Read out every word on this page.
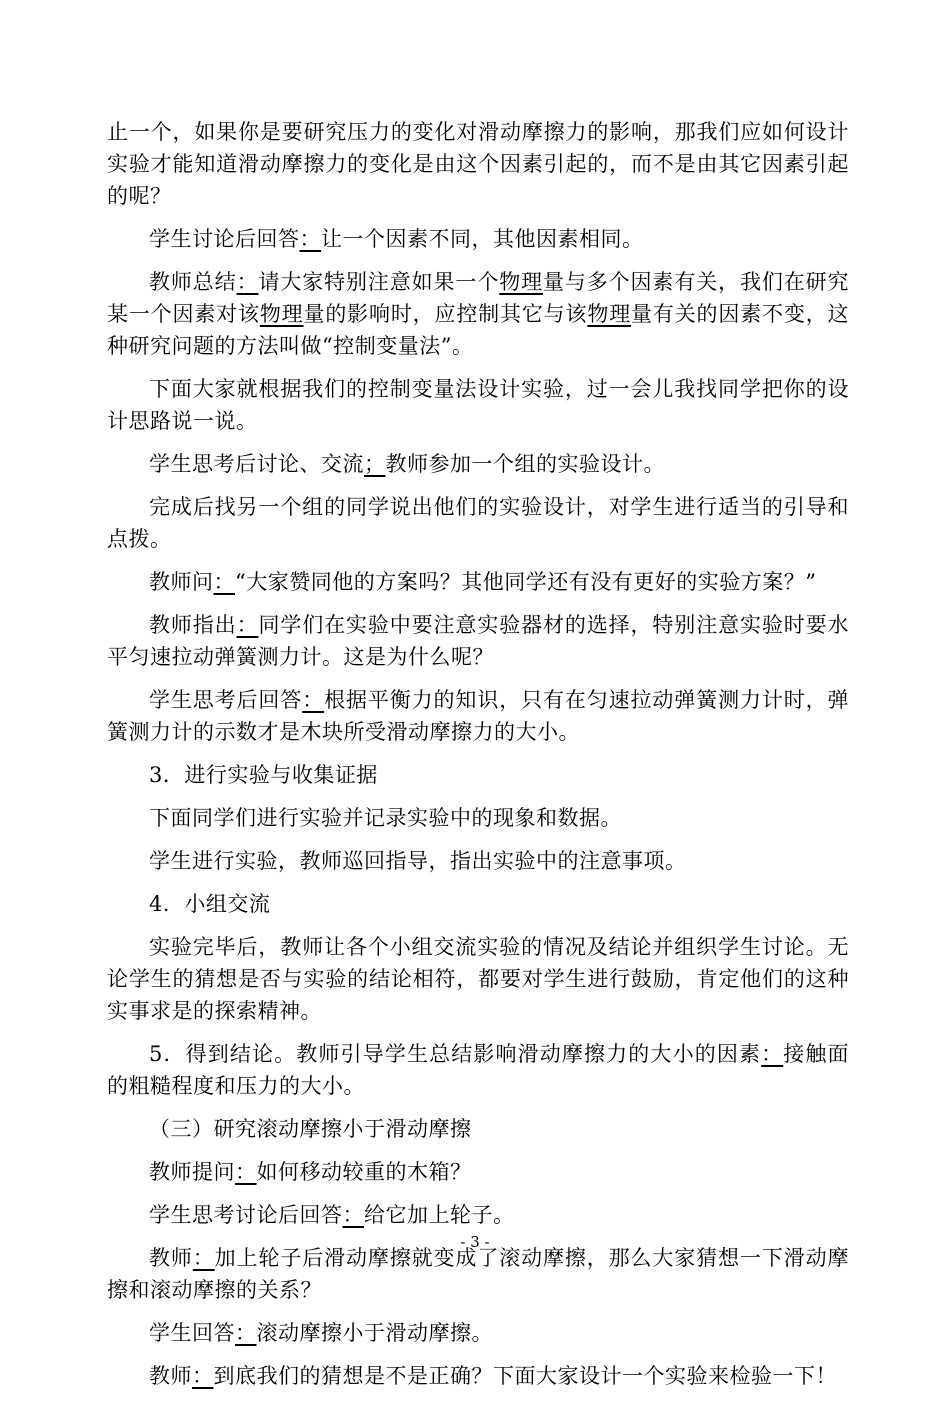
止一个，如果你是要研究压力的变化对滑动摩擦力的影响，那我们应如何设计实验才能知道滑动摩擦力的变化是由这个因素引起的，而不是由其它因素引起的呢？

学生讨论后回答：让一个因素不同，其他因素相同。

教师总结：请大家特别注意如果一个物理量与多个因素有关，我们在研究某一个因素对该物理量的影响时，应控制其它与该物理量有关的因素不变，这种研究问题的方法叫做“控制变量法”。

下面大家就根据我们的控制变量法设计实验，过一会儿我找同学把你的设计思路说一说。

学生思考后讨论、交流；教师参加一个组的实验设计。

完成后找另一个组的同学说出他们的实验设计，对学生进行适当的引导和点拨。

教师问：“大家赞同他的方案吗？其他同学还有没有更好的实验方案？”

教师指出：同学们在实验中要注意实验器材的选择，特别注意实验时要水平匀速拉动弹簧测力计。这是为什么呢？

学生思考后回答：根据平衡力的知识，只有在匀速拉动弹簧测力计时，弹簧测力计的示数才是木块所受滑动摩擦力的大小。

3．进行实验与收集证据

下面同学们进行实验并记录实验中的现象和数据。

学生进行实验，教师巡回指导，指出实验中的注意事项。

4．小组交流

实验完毕后，教师让各个小组交流实验的情况及结论并组织学生讨论。无论学生的猜想是否与实验的结论相符，都要对学生进行鼓励，肯定他们的这种实事求是的探索精神。

5．得到结论。教师引导学生总结影响滑动摩擦力的大小的因素：接触面的粗糙程度和压力的大小。

（三）研究滚动摩擦小于滑动摩擦

教师提问：如何移动较重的木箱？

学生思考讨论后回答：给它加上轮子。

教师：加上轮子后滑动摩擦就变成了滚动摩擦，那么大家猜想一下滑动摩擦和滚动摩擦的关系？

学生回答：滚动摩擦小于滑动摩擦。

教师：到底我们的猜想是不是正确？下面大家设计一个实验来检验一下！

- 3 -
